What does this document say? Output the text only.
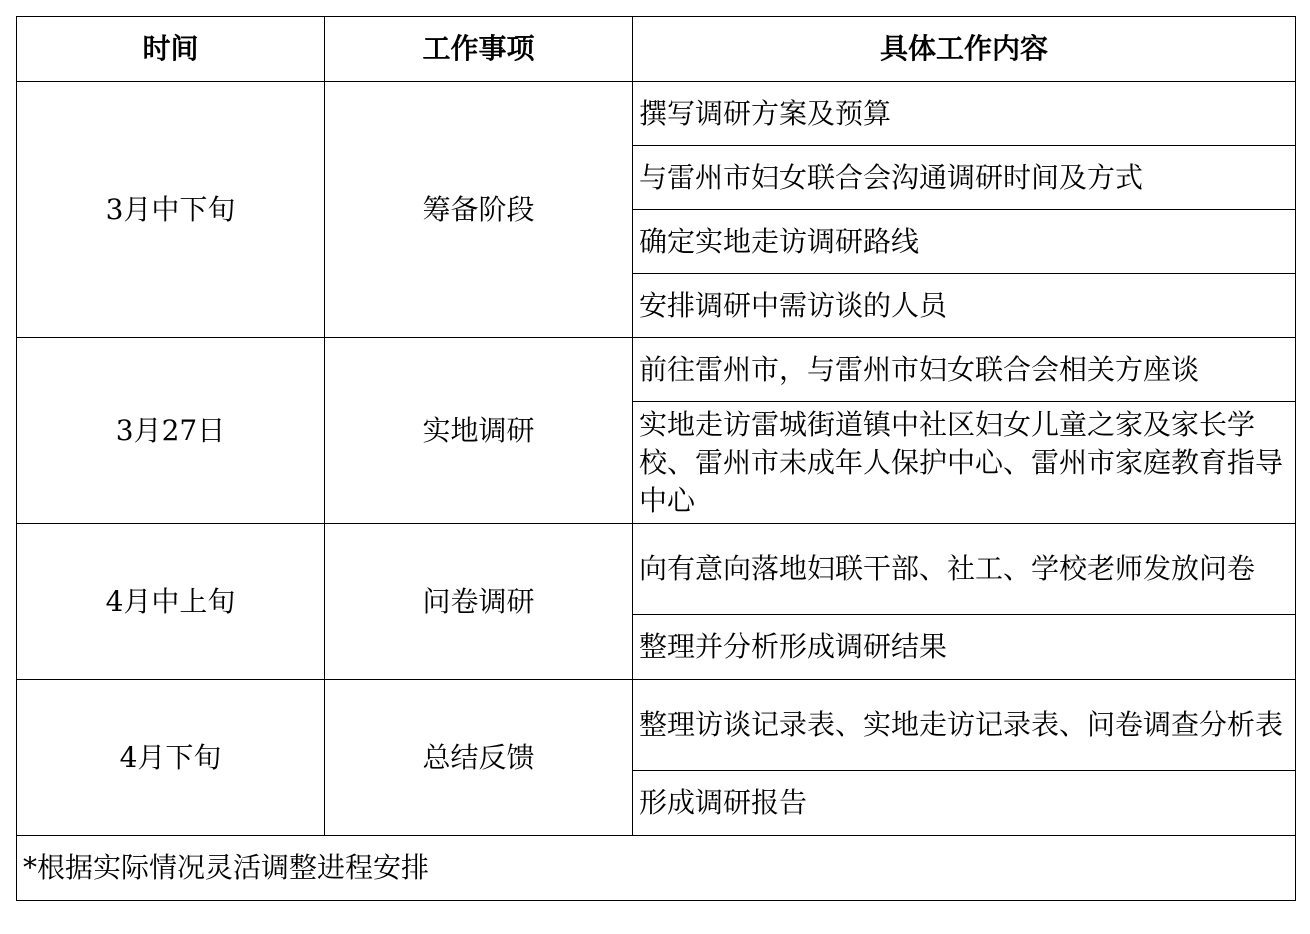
时间	工作事项	具体工作内容
3月中下旬	筹备阶段	撰写调研方案及预算
		与雷州市妇女联合会沟通调研时间及方式
		确定实地走访调研路线
		安排调研中需访谈的人员
3月27日	实地调研	前往雷州市，与雷州市妇女联合会相关方座谈
		实地走访雷城街道镇中社区妇女儿童之家及家长学校、雷州市未成年人保护中心、雷州市家庭教育指导中心
4月中上旬	问卷调研	向有意向落地妇联干部、社工、学校老师发放问卷
		整理并分析形成调研结果
4月下旬	总结反馈	整理访谈记录表、实地走访记录表、问卷调查分析表
		形成调研报告
*根据实际情况灵活调整进程安排		
